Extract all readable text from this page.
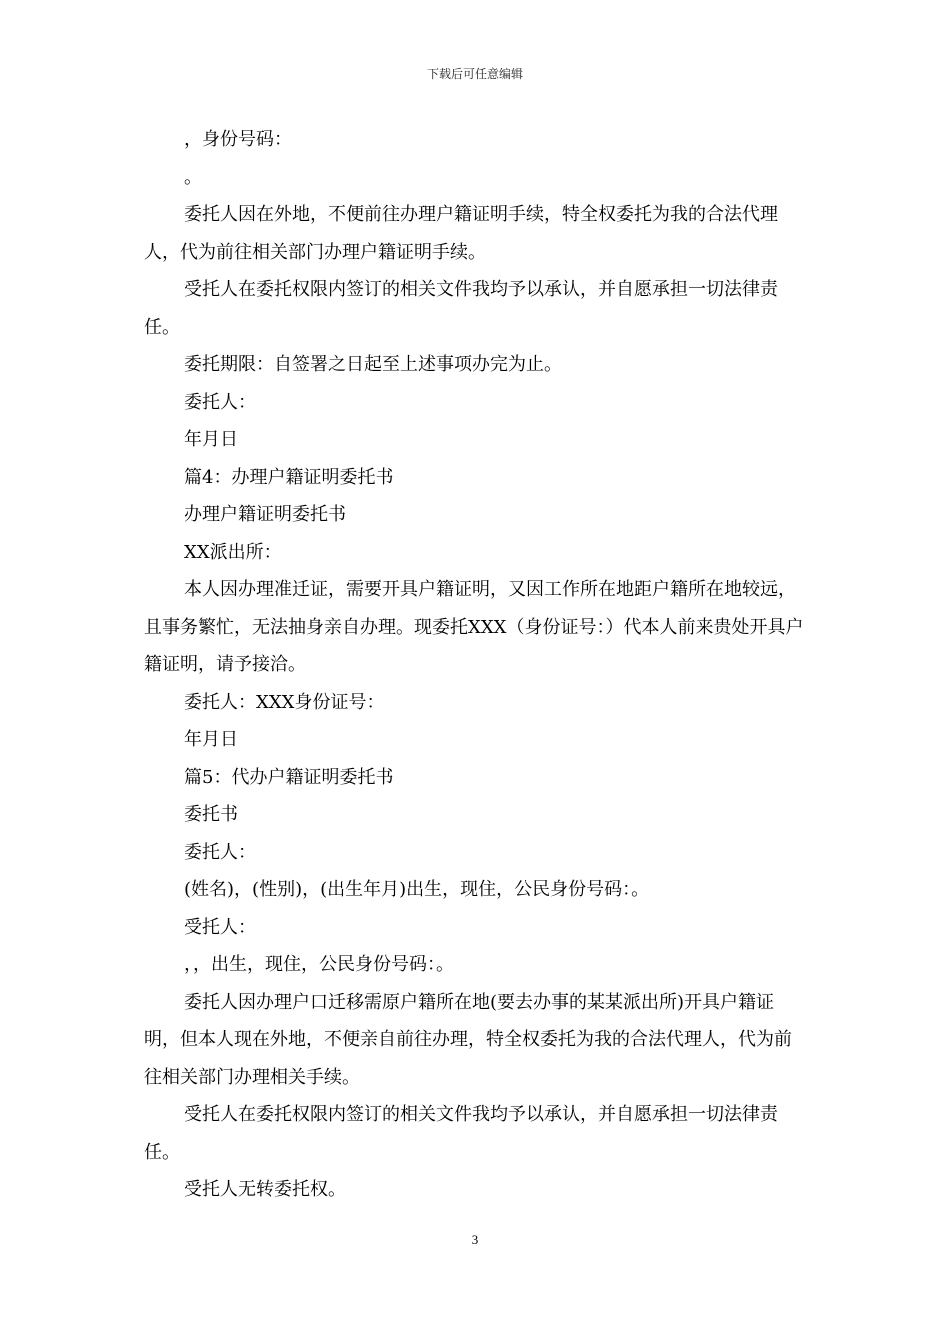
下载后可任意编辑

，身份号码：

。

委托人因在外地，不便前往办理户籍证明手续，特全权委托为我的合法代理人，代为前往相关部门办理户籍证明手续。

受托人在委托权限内签订的相关文件我均予以承认，并自愿承担一切法律责任。

委托期限：自签署之日起至上述事项办完为止。

委托人：

年月日

篇4：办理户籍证明委托书

办理户籍证明委托书

XX派出所：

本人因办理准迁证，需要开具户籍证明，又因工作所在地距户籍所在地较远，且事务繁忙，无法抽身亲自办理。现委托XXX（身份证号：）代本人前来贵处开具户籍证明，请予接洽。

委托人：XXX身份证号：

年月日

篇5：代办户籍证明委托书

委托书

委托人：

(姓名)，(性别)，(出生年月)出生，现住，公民身份号码：。

受托人：

，，出生，现住，公民身份号码：。

委托人因办理户口迁移需原户籍所在地(要去办事的某某派出所)开具户籍证明，但本人现在外地，不便亲自前往办理，特全权委托为我的合法代理人，代为前往相关部门办理相关手续。

受托人在委托权限内签订的相关文件我均予以承认，并自愿承担一切法律责任。

受托人无转委托权。

3
